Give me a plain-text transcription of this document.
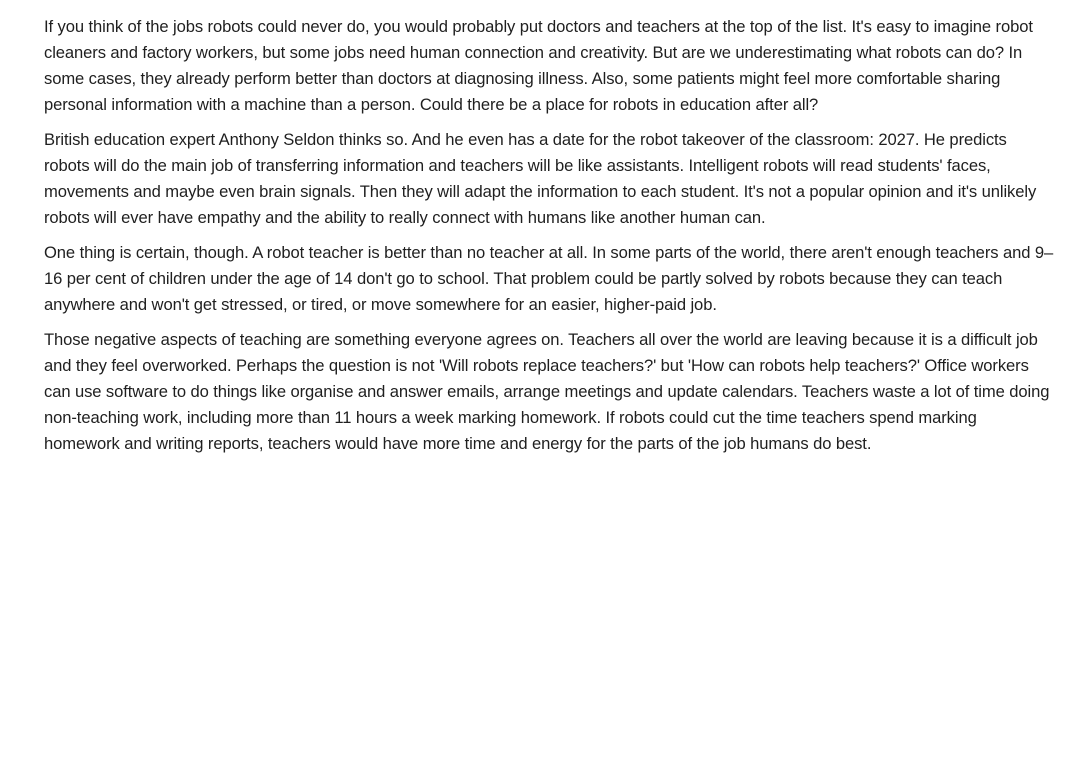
If you think of the jobs robots could never do, you would probably put doctors and teachers at the top of the list. It's easy to imagine robot cleaners and factory workers, but some jobs need human connection and creativity. But are we underestimating what robots can do? In some cases, they already perform better than doctors at diagnosing illness. Also, some patients might feel more comfortable sharing personal information with a machine than a person. Could there be a place for robots in education after all?

British education expert Anthony Seldon thinks so. And he even has a date for the robot takeover of the classroom: 2027. He predicts robots will do the main job of transferring information and teachers will be like assistants. Intelligent robots will read students' faces, movements and maybe even brain signals. Then they will adapt the information to each student. It's not a popular opinion and it's unlikely robots will ever have empathy and the ability to really connect with humans like another human can.

One thing is certain, though. A robot teacher is better than no teacher at all. In some parts of the world, there aren't enough teachers and 9–16 per cent of children under the age of 14 don't go to school. That problem could be partly solved by robots because they can teach anywhere and won't get stressed, or tired, or move somewhere for an easier, higher-paid job.

Those negative aspects of teaching are something everyone agrees on. Teachers all over the world are leaving because it is a difficult job and they feel overworked. Perhaps the question is not 'Will robots replace teachers?' but 'How can robots help teachers?' Office workers can use software to do things like organise and answer emails, arrange meetings and update calendars. Teachers waste a lot of time doing non-teaching work, including more than 11 hours a week marking homework. If robots could cut the time teachers spend marking homework and writing reports, teachers would have more time and energy for the parts of the job humans do best.
